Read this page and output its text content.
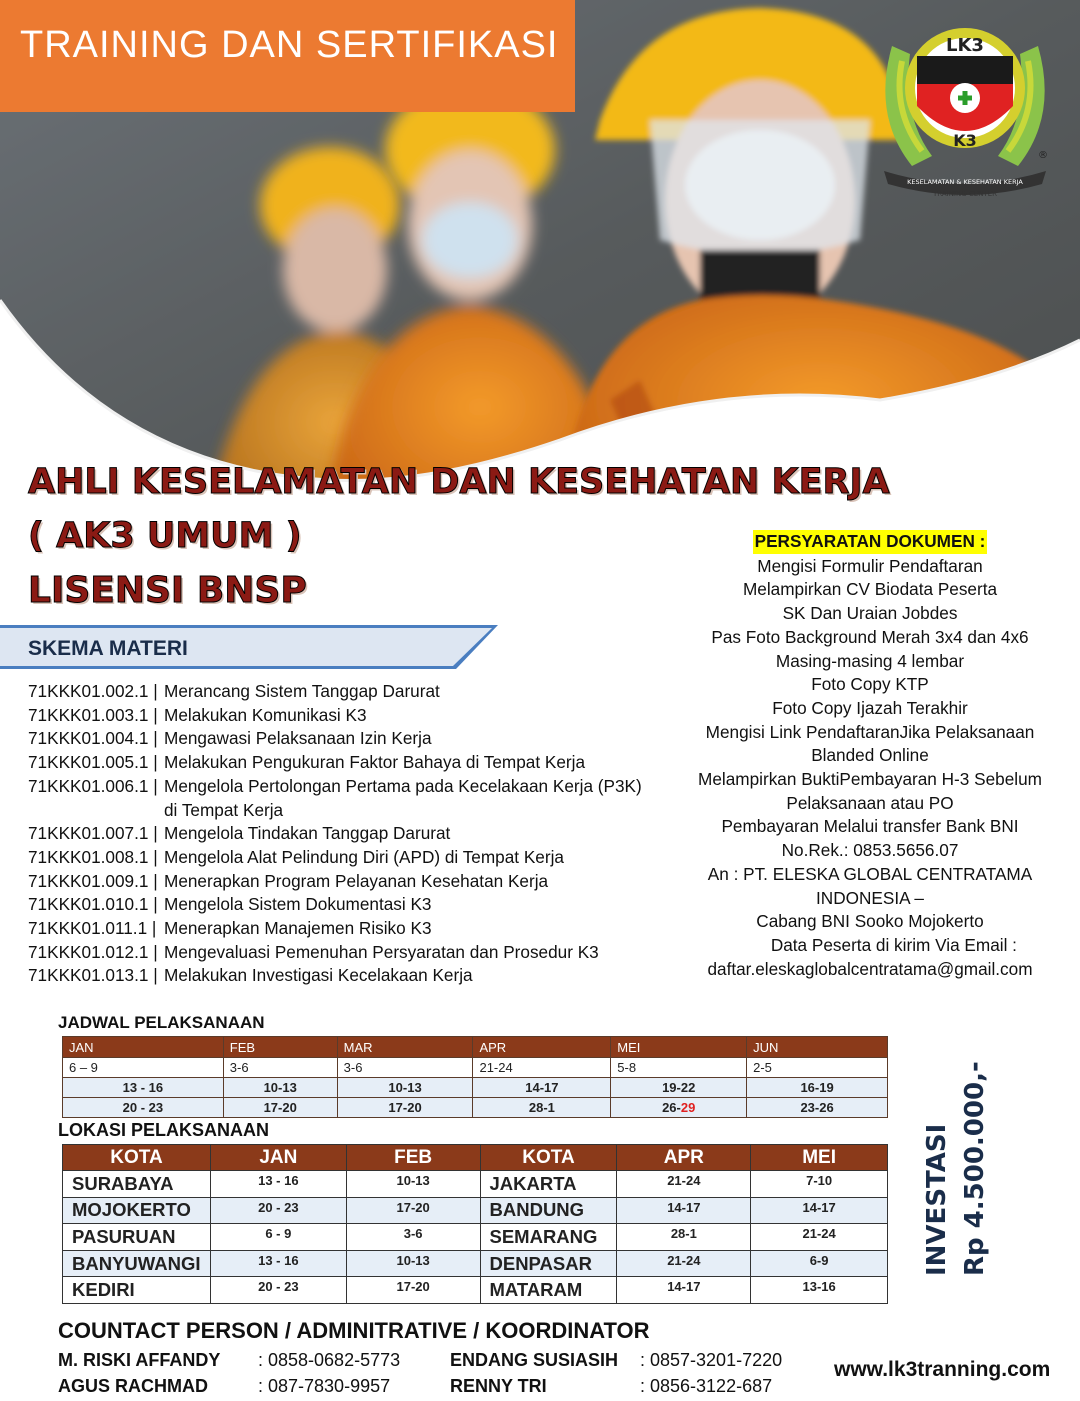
TRAINING DAN SERTIFIKASI	LK3
K3
KESELAMATAN & KESEHATAN KERJA
TRAINING CENTER
®
AHLI KESELAMATAN DAN KESEHATAN KERJA
( AK3 UMUM )
LISENSI BNSP
SKEMA MATERI
71KKK01.002.1 | Merancang Sistem Tanggap Darurat
71KKK01.003.1 | Melakukan Komunikasi K3
71KKK01.004.1 | Mengawasi Pelaksanaan Izin Kerja
71KKK01.005.1 | Melakukan Pengukuran Faktor Bahaya di Tempat Kerja
71KKK01.006.1 | Mengelola Pertolongan Pertama pada Kecelakaan Kerja (P3K)
di Tempat Kerja
71KKK01.007.1 | Mengelola Tindakan Tanggap Darurat
71KKK01.008.1 | Mengelola Alat Pelindung Diri (APD) di Tempat Kerja
71KKK01.009.1 | Menerapkan Program Pelayanan Kesehatan Kerja
71KKK01.010.1 | Mengelola Sistem Dokumentasi K3
71KKK01.011.1 | Menerapkan Manajemen Risiko K3
71KKK01.012.1 | Mengevaluasi Pemenuhan Persyaratan dan Prosedur K3
71KKK01.013.1 | Melakukan Investigasi Kecelakaan Kerja
PERSYARATAN DOKUMEN :
Mengisi Formulir Pendaftaran
Melampirkan CV Biodata Peserta
SK Dan Uraian Jobdes
Pas Foto Background Merah 3x4 dan 4x6
Masing-masing 4 lembar
Foto Copy KTP
Foto Copy Ijazah Terakhir
Mengisi Link PendaftaranJika Pelaksanaan
Blanded Online
Melampirkan BuktiPembayaran H-3 Sebelum
Pelaksanaan atau PO
Pembayaran Melalui transfer Bank BNI
No.Rek.: 0853.5656.07
An : PT. ELESKA GLOBAL CENTRATAMA
INDONESIA –
Cabang BNI Sooko Mojokerto
Data Peserta di kirim Via Email :
daftar.eleskaglobalcentratama@gmail.com
JADWAL PELAKSANAAN
JAN	FEB	MAR	APR	MEI	JUN
6 – 9	3-6	3-6	21-24	5-8	2-5
13 - 16	10-13	10-13	14-17	19-22	16-19
20 - 23	17-20	17-20	28-1	26-29	23-26
LOKASI PELAKSANAAN
KOTA	JAN	FEB	KOTA	APR	MEI
SURABAYA	13 - 16	10-13	JAKARTA	21-24	7-10
MOJOKERTO	20 - 23	17-20	BANDUNG	14-17	14-17
PASURUAN	6 - 9	3-6	SEMARANG	28-1	21-24
BANYUWANGI	13 - 16	10-13	DENPASAR	21-24	6-9
KEDIRI	20 - 23	17-20	MATARAM	14-17	13-16
INVESTASI Rp 4.500.000,-
COUNTACT PERSON / ADMINITRATIVE / KOORDINATOR
M. RISKI AFFANDY : 0858-0682-5773
AGUS RACHMAD	: 087-7830-9957
ENDANG SUSIASIH : 0857-3201-7220
RENNY TRI	: 0856-3122-687
www.lk3tranning.com
